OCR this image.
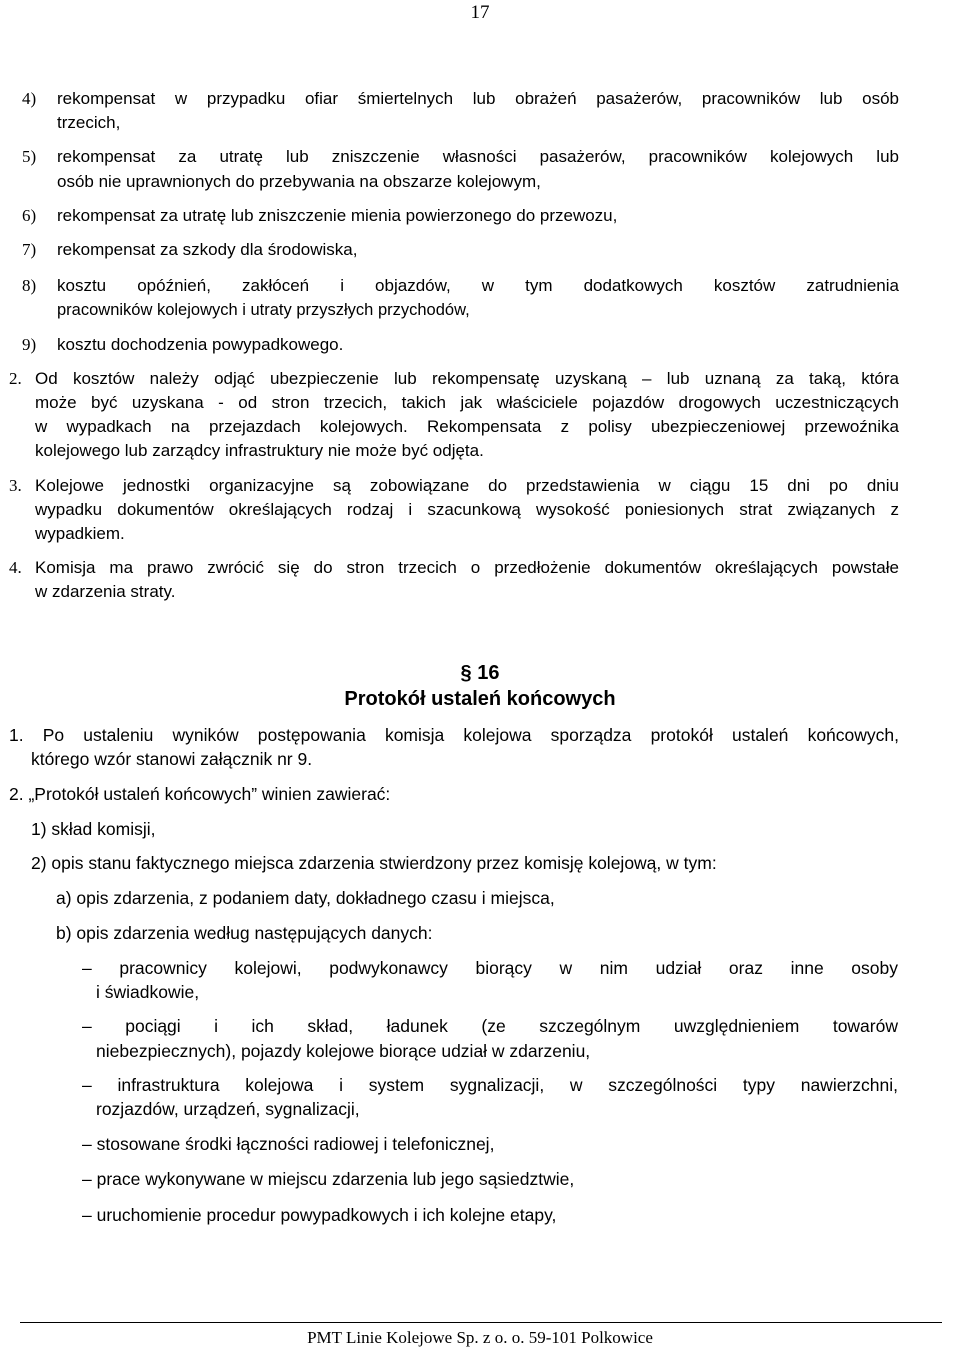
17
4) rekompensat w przypadku ofiar śmiertelnych lub obrażeń pasażerów, pracowników lub osób
trzecich,
5) rekompensat za utratę lub zniszczenie własności pasażerów, pracowników kolejowych lub
osób nie uprawnionych do przebywania na obszarze kolejowym,
6) rekompensat za utratę lub zniszczenie mienia powierzonego do przewozu,
7) rekompensat za szkody dla środowiska,
8) kosztu opóźnień, zakłóceń i objazdów, w tym dodatkowych kosztów zatrudnienia
pracowników kolejowych i utraty przyszłych przychodów,
9) kosztu dochodzenia powypadkowego.
2. Od kosztów należy odjąć ubezpieczenie lub rekompensatę uzyskaną – lub uznaną za taką, która
może być uzyskana - od stron trzecich, takich jak właściciele pojazdów drogowych uczestniczących
w wypadkach na przejazdach kolejowych. Rekompensata z polisy ubezpieczeniowej przewoźnika
kolejowego lub zarządcy infrastruktury nie może być odjęta.
3. Kolejowe jednostki organizacyjne są zobowiązane do przedstawienia w ciągu 15 dni po dniu
wypadku dokumentów określających rodzaj i szacunkową wysokość poniesionych strat związanych z
wypadkiem.
4. Komisja ma prawo zwrócić się do stron trzecich o przedłożenie dokumentów określających powstałe
w zdarzenia straty.
§ 16
Protokół ustaleń końcowych
1. Po ustaleniu wyników postępowania komisja kolejowa sporządza protokół ustaleń końcowych,
którego wzór stanowi załącznik nr 9.
2. „Protokół ustaleń końcowych” winien zawierać:
1) skład komisji,
2) opis stanu faktycznego miejsca zdarzenia stwierdzony przez komisję kolejową, w tym:
a) opis zdarzenia, z podaniem daty, dokładnego czasu i miejsca,
b) opis zdarzenia według następujących danych:
– pracownicy kolejowi, podwykonawcy biorący w nim udział oraz inne osoby
i świadkowie,
– pociągi i ich skład, ładunek (ze szczególnym uwzględnieniem towarów
niebezpiecznych), pojazdy kolejowe biorące udział w zdarzeniu,
– infrastruktura kolejowa i system sygnalizacji, w szczególności typy nawierzchni,
rozjazdów, urządzeń, sygnalizacji,
– stosowane środki łączności radiowej i telefonicznej,
– prace wykonywane w miejscu zdarzenia lub jego sąsiedztwie,
– uruchomienie procedur powypadkowych i ich kolejne etapy,
PMT Linie Kolejowe Sp. z o. o. 59-101 Polkowice
